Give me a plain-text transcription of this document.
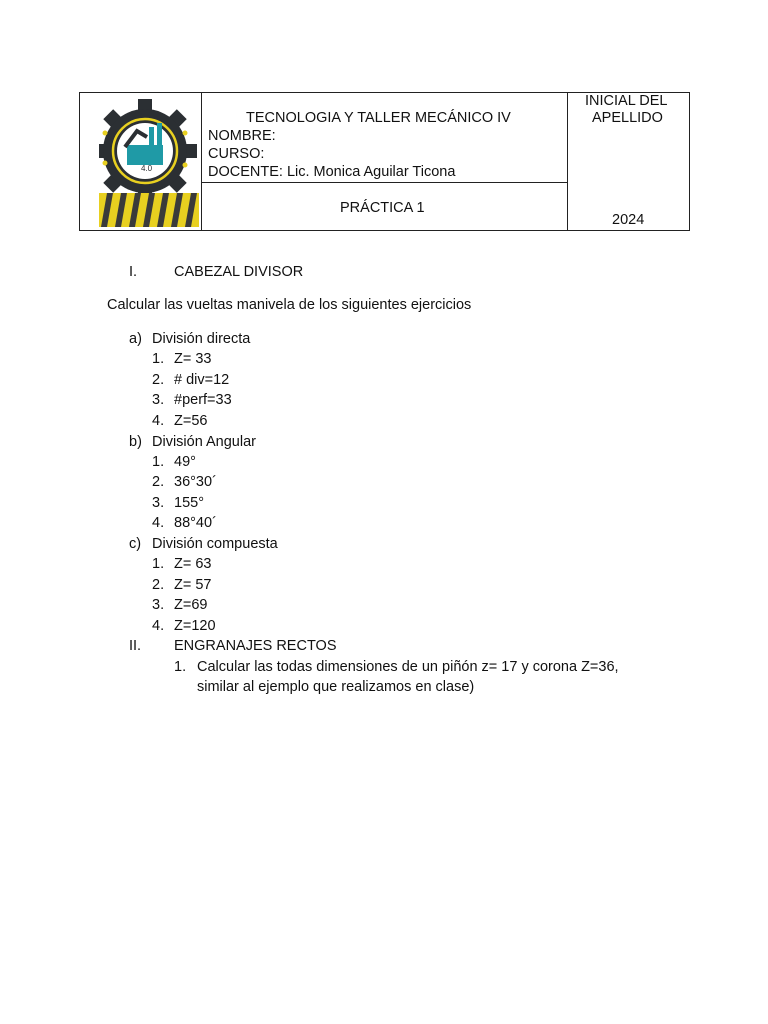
4.0
TECNOLOGIA Y TALLER MECÁNICO IV
NOMBRE:
CURSO:
DOCENTE: Lic. Monica Aguilar Ticona
PRÁCTICA 1
INICIAL DEL
APELLIDO
2024
I.	CABEZAL DIVISOR
Calcular las vueltas manivela de los siguientes ejercicios
a) División directa
1. Z= 33
2. # div=12
3. #perf=33
4. Z=56
b) División Angular
1. 49°
2. 36°30´
3. 155°
4. 88°40´
c) División compuesta
1. Z= 63
2. Z= 57
3. Z=69
4. Z=120
II. ENGRANAJES RECTOS
1. Calcular las todas dimensiones de un piñón z= 17 y corona Z=36,
similar al ejemplo que realizamos en clase)
